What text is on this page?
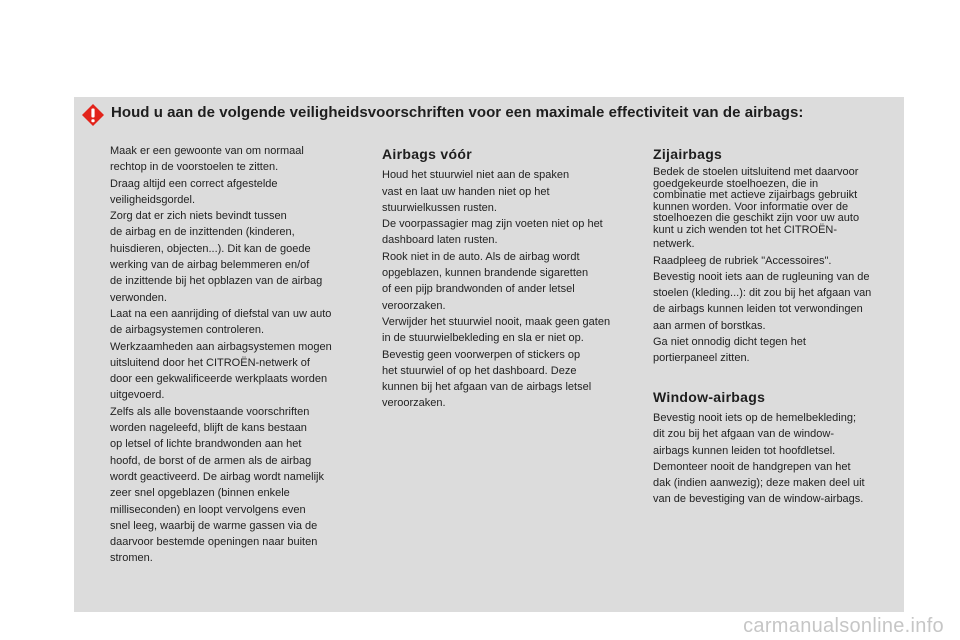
Houd u aan de volgende veiligheidsvoorschriften voor een maximale effectiviteit van de airbags:

Maak er een gewoonte van om normaal

rechtop in de voorstoelen te zitten.

Draag altijd een correct afgestelde

veiligheidsgordel.

Zorg dat er zich niets bevindt tussen

de airbag en de inzittenden (kinderen,

huisdieren, objecten...). Dit kan de goede

werking van de airbag belemmeren en/of

de inzittende bij het opblazen van de airbag

verwonden.

Laat na een aanrijding of diefstal van uw auto

de airbagsystemen controleren.

Werkzaamheden aan airbagsystemen mogen

uitsluitend door het CITROËN-netwerk of

door een gekwalificeerde werkplaats worden

uitgevoerd.

Zelfs als alle bovenstaande voorschriften

worden nageleefd, blijft de kans bestaan

op letsel of lichte brandwonden aan het

hoofd, de borst of de armen als de airbag

wordt geactiveerd. De airbag wordt namelijk

zeer snel opgeblazen (binnen enkele

milliseconden) en loopt vervolgens even

snel leeg, waarbij de warme gassen via de

daarvoor bestemde openingen naar buiten

stromen.

Airbags vóór

Houd het stuurwiel niet aan de spaken

vast en laat uw handen niet op het

stuurwielkussen rusten.

De voorpassagier mag zijn voeten niet op het

dashboard laten rusten.

Rook niet in de auto. Als de airbag wordt

opgeblazen, kunnen brandende sigaretten

of een pijp brandwonden of ander letsel

veroorzaken.

Verwijder het stuurwiel nooit, maak geen gaten

in de stuurwielbekleding en sla er niet op.

Bevestig geen voorwerpen of stickers op

het stuurwiel of op het dashboard. Deze

kunnen bij het afgaan van de airbags letsel

veroorzaken.

Zijairbags

Bedek de stoelen uitsluitend met daarvoor

goedgekeurde stoelhoezen, die in

combinatie met actieve zijairbags gebruikt

kunnen worden. Voor informatie over de

stoelhoezen die geschikt zijn voor uw auto

kunt u zich wenden tot het CITROËN-

netwerk.

Raadpleeg de rubriek "Accessoires".

Bevestig nooit iets aan de rugleuning van de

stoelen (kleding...): dit zou bij het afgaan van

de airbags kunnen leiden tot verwondingen

aan armen of borstkas.

Ga niet onnodig dicht tegen het

portierpaneel zitten.

Window-airbags

Bevestig nooit iets op de hemelbekleding;

dit zou bij het afgaan van de window-

airbags kunnen leiden tot hoofdletsel.

Demonteer nooit de handgrepen van het

dak (indien aanwezig); deze maken deel uit

van de bevestiging van de window-airbags.

carmanualsonline.info
